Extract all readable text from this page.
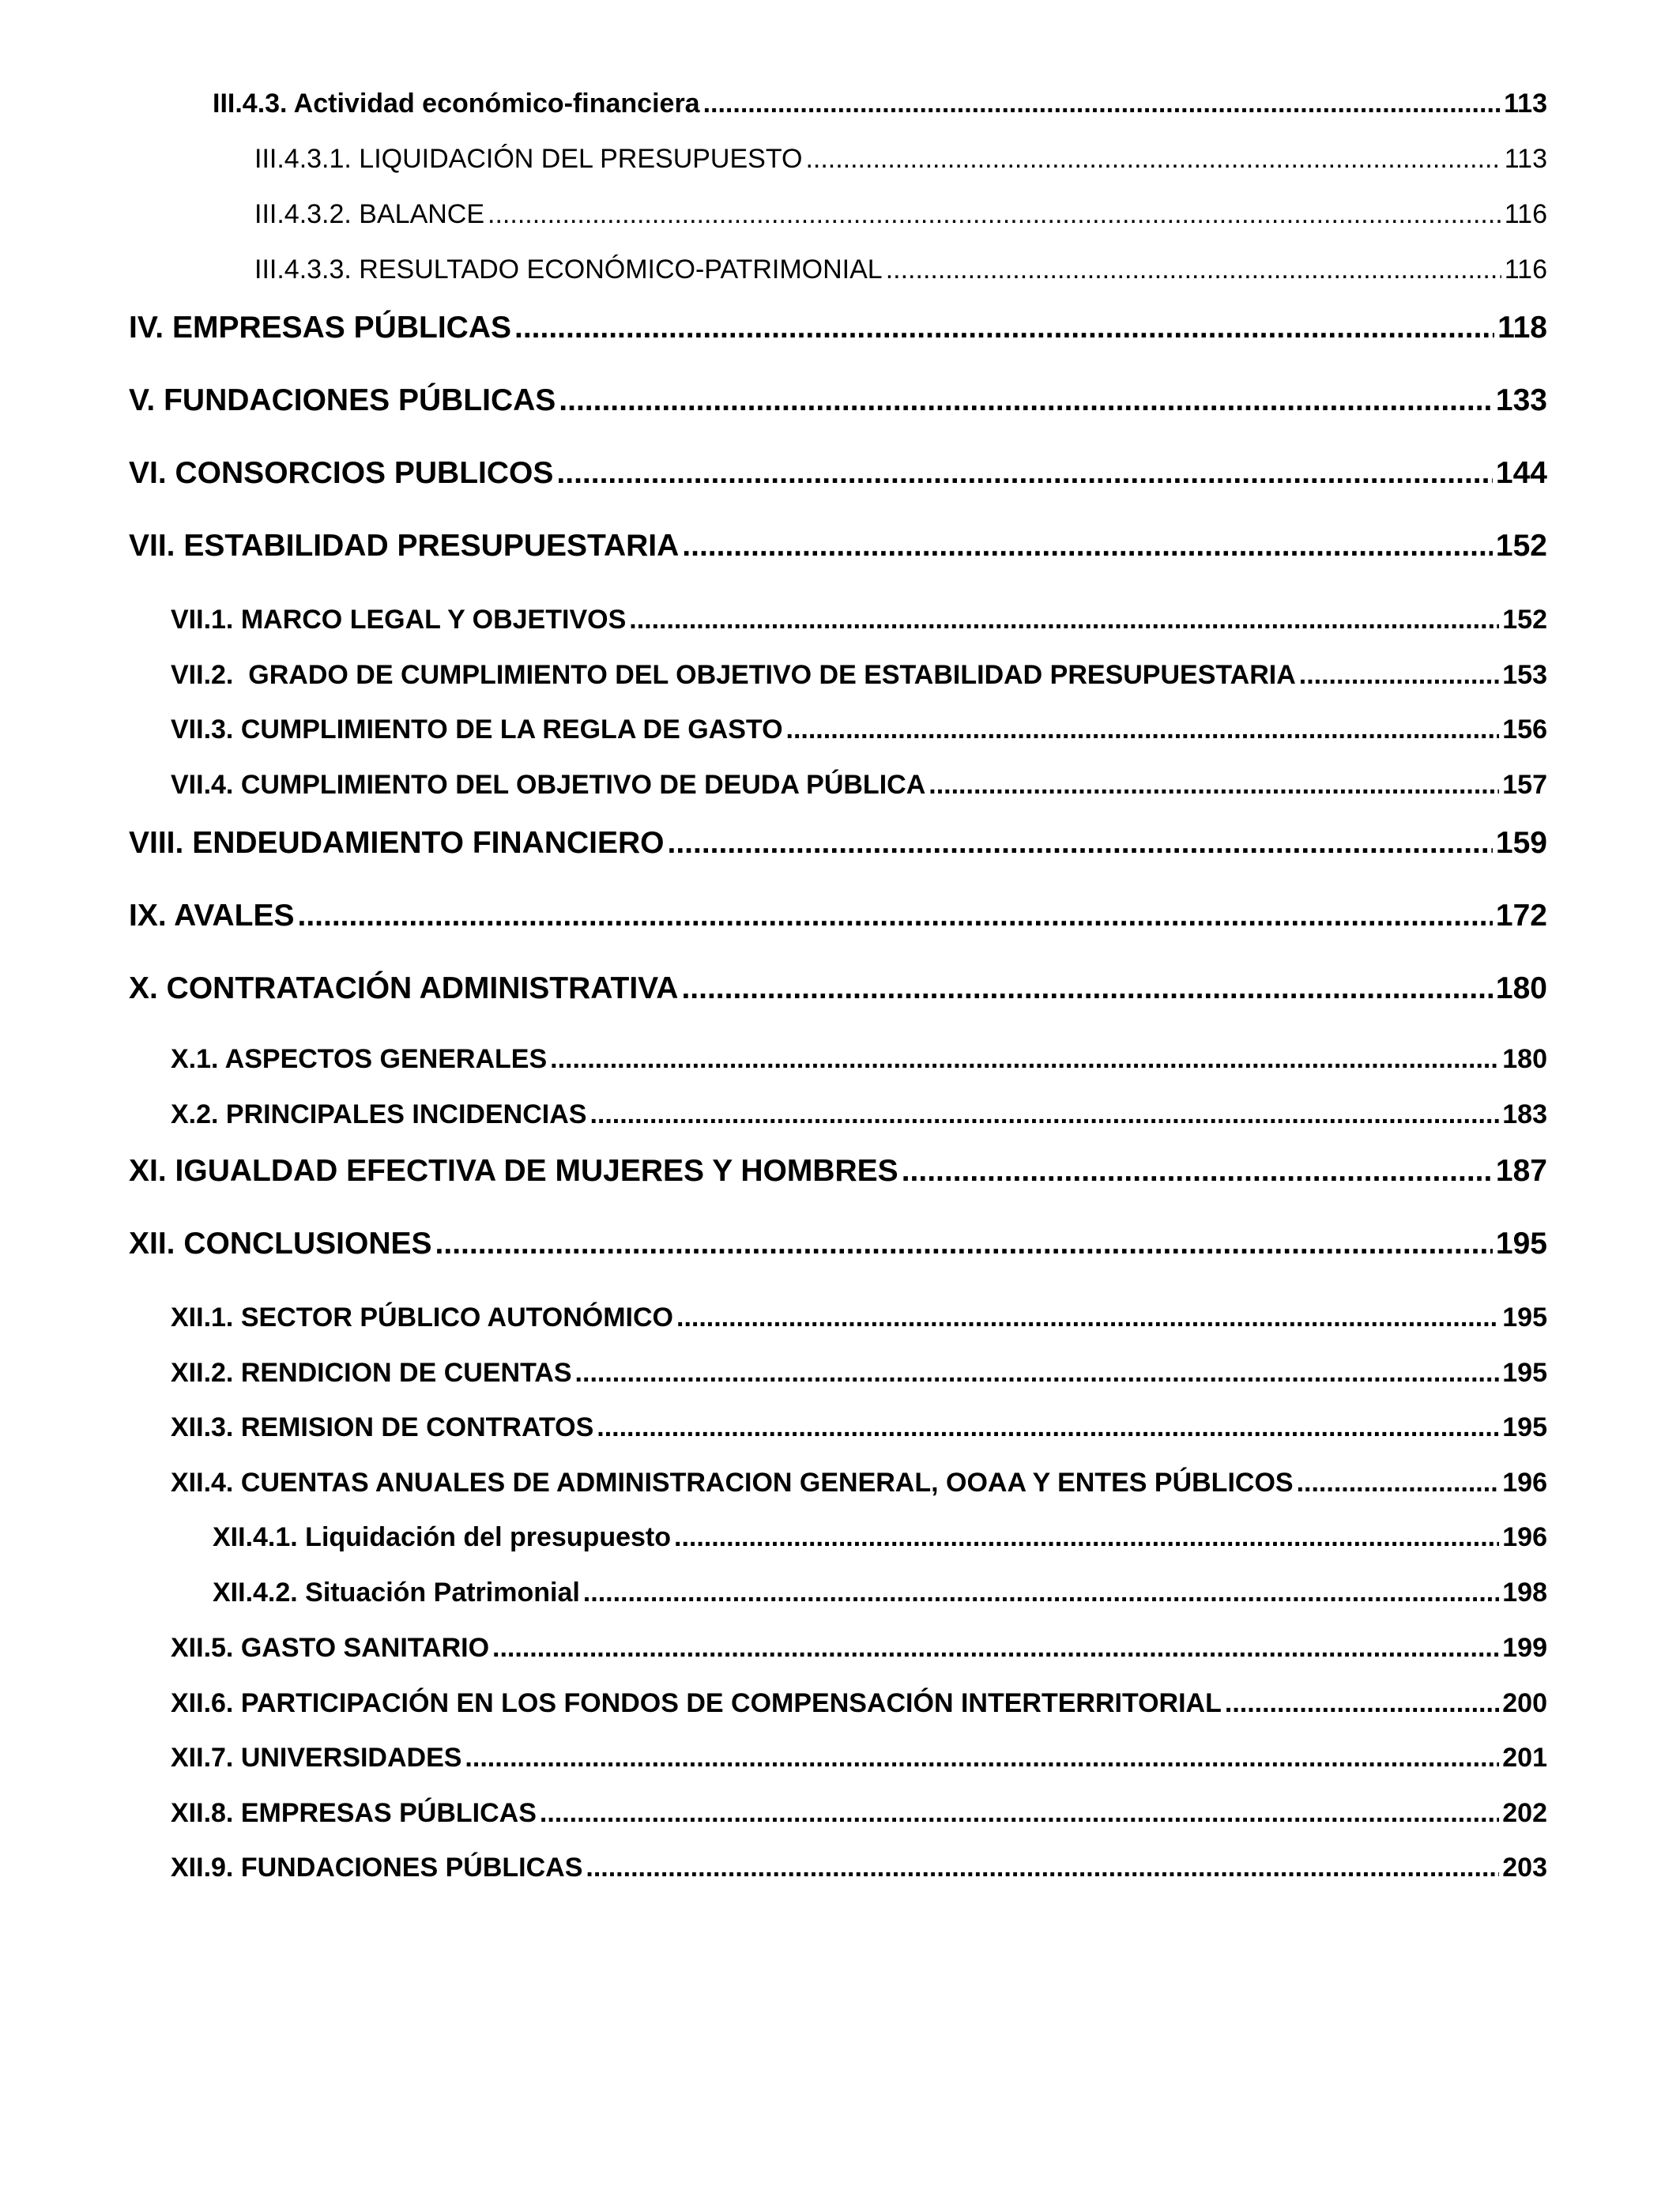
III.4.3. Actividad económico-financiera .....	113
III.4.3.1. LIQUIDACIÓN DEL PRESUPUESTO .....	113
III.4.3.2. BALANCE .....	116
III.4.3.3. RESULTADO ECONÓMICO-PATRIMONIAL .....	116
IV. EMPRESAS PÚBLICAS .....	118
V. FUNDACIONES PÚBLICAS .....	133
VI. CONSORCIOS PUBLICOS .....	144
VII. ESTABILIDAD PRESUPUESTARIA .....	152
VII.1. MARCO LEGAL Y OBJETIVOS .....	152
VII.2.  GRADO DE CUMPLIMIENTO DEL OBJETIVO DE ESTABILIDAD PRESUPUESTARIA .....	153
VII.3. CUMPLIMIENTO DE LA REGLA DE GASTO .....	156
VII.4. CUMPLIMIENTO DEL OBJETIVO DE DEUDA PÚBLICA .....	157
VIII. ENDEUDAMIENTO FINANCIERO .....	159
IX. AVALES .....	172
X. CONTRATACIÓN ADMINISTRATIVA .....	180
X.1. ASPECTOS GENERALES .....	180
X.2. PRINCIPALES INCIDENCIAS .....	183
XI. IGUALDAD EFECTIVA DE MUJERES Y HOMBRES .....	187
XII. CONCLUSIONES .....	195
XII.1. SECTOR PÚBLICO AUTONÓMICO .....	195
XII.2. RENDICION DE CUENTAS .....	195
XII.3. REMISION DE CONTRATOS .....	195
XII.4. CUENTAS ANUALES DE ADMINISTRACION GENERAL, OOAA Y ENTES PÚBLICOS .....	196
XII.4.1. Liquidación del presupuesto .....	196
XII.4.2. Situación Patrimonial .....	198
XII.5. GASTO SANITARIO .....	199
XII.6. PARTICIPACIÓN EN LOS FONDOS DE COMPENSACIÓN INTERTERRITORIAL .....	200
XII.7. UNIVERSIDADES .....	201
XII.8. EMPRESAS PÚBLICAS .....	202
XII.9. FUNDACIONES PÚBLICAS .....	203
